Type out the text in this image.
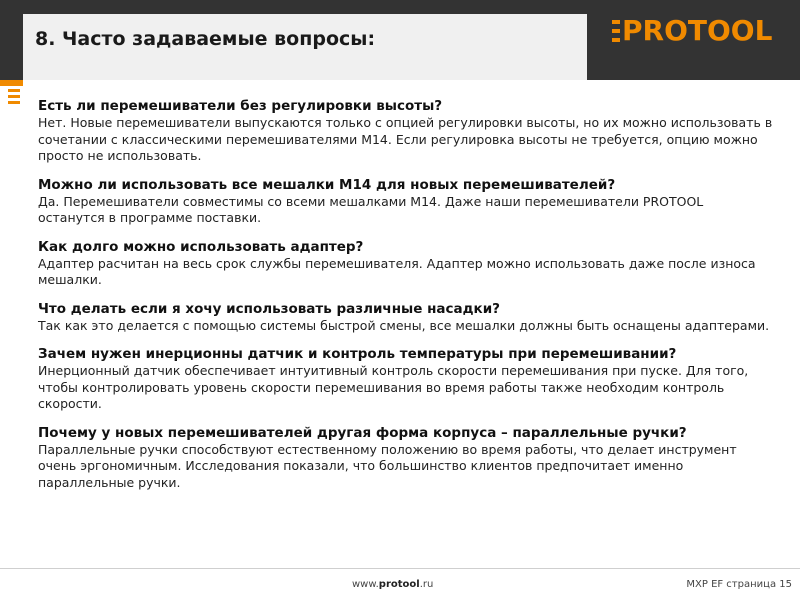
8. Часто задаваемые вопросы:	PROTOOL

Есть ли перемешиватели без регулировки высоты?

Нет. Новые перемешиватели выпускаются только с опцией регулировки высоты, но их можно использовать в сочетании с классическими перемешивателями М14. Если регулировка высоты не требуется, опцию можно просто не использовать.

Можно ли использовать все мешалки М14 для новых перемешивателей?

Да. Перемешиватели совместимы со всеми мешалками М14. Даже наши перемешиватели PROTOOL останутся в программе поставки.

Как долго можно использовать адаптер?

Адаптер расчитан на весь срок службы перемешивателя. Адаптер можно использовать даже после износа мешалки.

Что делать если я хочу использовать различные насадки?

Так как это делается с помощью системы быстрой смены, все мешалки должны быть оснащены адаптерами.

Зачем нужен инерционны датчик и контроль температуры при перемешивании?

Инерционный датчик обеспечивает интуитивный контроль скорости перемешивания при пуске. Для того, чтобы контролировать уровень скорости перемешивания во время работы также необходим контроль скорости.

Почему у новых перемешивателей другая форма корпуса – параллельные ручки?

Параллельные ручки способствуют естественному положению во время работы, что делает инструмент очень эргономичным. Исследования показали, что большинство клиентов предпочитает именно параллельные ручки.

www.protool.ru	MXP EF страница 15
